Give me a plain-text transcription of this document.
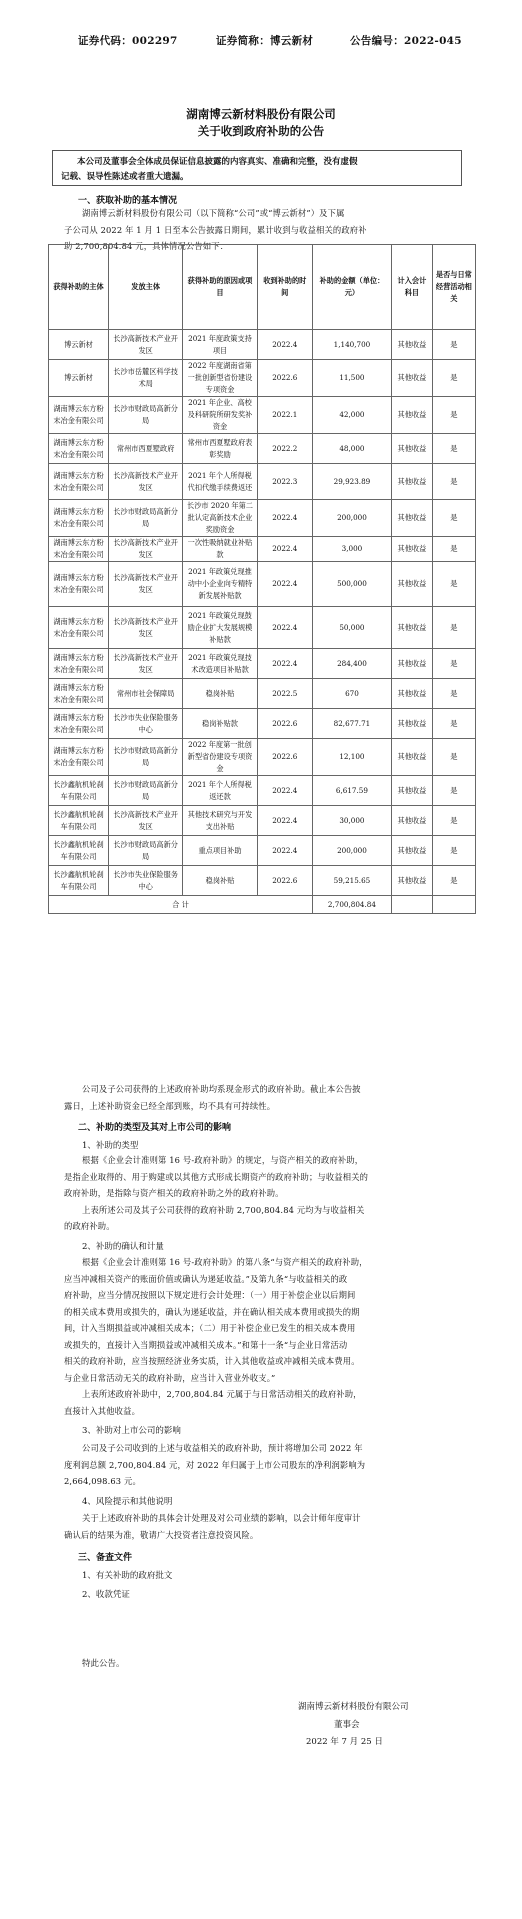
证券代码：002297	证券简称：博云新材	公告编号：2022-045
湖南博云新材料股份有限公司
关于收到政府补助的公告
本公司及董事会全体成员保证信息披露的内容真实、准确和完整，没有虚假
记载、误导性陈述或者重大遗漏。
一、获取补助的基本情况
湖南博云新材料股份有限公司（以下简称“公司”或“博云新材”）及下属
子公司从 2022 年 1 月 1 日至本公告披露日期间，累计收到与收益相关的政府补
助 2,700,804.84 元，具体情况公告如下：
获得补助的主体	发放主体	获得补助的原因或项目	收到补助的时间	补助的金额（单位：元）	计入会计科目	是否与日常经营活动相关
博云新材	长沙高新技术产业开发区	2021 年度政策支持项目	2022.4	1,140,700	其他收益	是
博云新材	长沙市岳麓区科学技术局	2022 年度湖南省第一批创新型省份建设专项资金	2022.6	11,500	其他收益	是
湖南博云东方粉末冶金有限公司	长沙市财政局高新分局	2021 年企业、高校及科研院所研发奖补资金	2022.1	42,000	其他收益	是
湖南博云东方粉末冶金有限公司	常州市西夏墅政府	常州市西夏墅政府表彰奖励	2022.2	48,000	其他收益	是
湖南博云东方粉末冶金有限公司	长沙高新技术产业开发区	2021 年个人所得税代扣代缴手续费返还	2022.3	29,923.89	其他收益	是
湖南博云东方粉末冶金有限公司	长沙市财政局高新分局	长沙市 2020 年第二批认定高新技术企业奖励资金	2022.4	200,000	其他收益	是
湖南博云东方粉末冶金有限公司	长沙高新技术产业开发区	一次性吸纳就业补贴款	2022.4	3,000	其他收益	是
湖南博云东方粉末冶金有限公司	长沙高新技术产业开发区	2021 年政策兑现推动中小企业向专精特新发展补贴款	2022.4	500,000	其他收益	是
湖南博云东方粉末冶金有限公司	长沙高新技术产业开发区	2021 年政策兑现鼓励企业扩大发展规模补贴款	2022.4	50,000	其他收益	是
湖南博云东方粉末冶金有限公司	长沙高新技术产业开发区	2021 年政策兑现技术改造项目补贴款	2022.4	284,400	其他收益	是
湖南博云东方粉末冶金有限公司	常州市社会保障局	稳岗补贴	2022.5	670	其他收益	是
湖南博云东方粉末冶金有限公司	长沙市失业保险服务中心	稳岗补贴款	2022.6	82,677.71	其他收益	是
湖南博云东方粉末冶金有限公司	长沙市财政局高新分局	2022 年度第一批创新型省份建设专项资金	2022.6	12,100	其他收益	是
长沙鑫航机轮刹车有限公司	长沙市财政局高新分局	2021 年个人所得税返还款	2022.4	6,617.59	其他收益	是
长沙鑫航机轮刹车有限公司	长沙高新技术产业开发区	其他技术研究与开发支出补贴	2022.4	30,000	其他收益	是
长沙鑫航机轮刹车有限公司	长沙市财政局高新分局	重点项目补助	2022.4	200,000	其他收益	是
长沙鑫航机轮刹车有限公司	长沙市失业保险服务中心	稳岗补贴	2022.6	59,215.65	其他收益	是
合 计				2,700,804.84		
公司及子公司获得的上述政府补助均系现金形式的政府补助。截止本公告披
露日，上述补助资金已经全部到账，均不具有可持续性。
二、补助的类型及其对上市公司的影响
1、补助的类型
根据《企业会计准则第 16 号-政府补助》的规定，与资产相关的政府补助，
是指企业取得的、用于购建或以其他方式形成长期资产的政府补助；与收益相关的
政府补助，是指除与资产相关的政府补助之外的政府补助。
上表所述公司及其子公司获得的政府补助 2,700,804.84 元均为与收益相关
的政府补助。
2、补助的确认和计量
根据《企业会计准则第 16 号-政府补助》的第八条“与资产相关的政府补助，
应当冲减相关资产的账面价值或确认为递延收益。”及第九条“与收益相关的政
府补助，应当分情况按照以下规定进行会计处理：（一）用于补偿企业以后期间
的相关成本费用或损失的，确认为递延收益，并在确认相关成本费用或损失的期
间，计入当期损益或冲减相关成本；（二）用于补偿企业已发生的相关成本费用
或损失的，直接计入当期损益或冲减相关成本。”和第十一条“与企业日常活动
相关的政府补助，应当按照经济业务实质，计入其他收益或冲减相关成本费用。
与企业日常活动无关的政府补助，应当计入营业外收支。”
上表所述政府补助中，2,700,804.84 元属于与日常活动相关的政府补助，
直接计入其他收益。
3、补助对上市公司的影响
公司及子公司收到的上述与收益相关的政府补助，预计将增加公司 2022 年
度利润总额 2,700,804.84 元，对 2022 年归属于上市公司股东的净利润影响为
2,664,098.63 元。
4、风险提示和其他说明
关于上述政府补助的具体会计处理及对公司业绩的影响，以会计师年度审计
确认后的结果为准，敬请广大投资者注意投资风险。
三、备查文件
1、有关补助的政府批文
2、收款凭证
特此公告。
湖南博云新材料股份有限公司
董事会
2022 年 7 月 25 日
